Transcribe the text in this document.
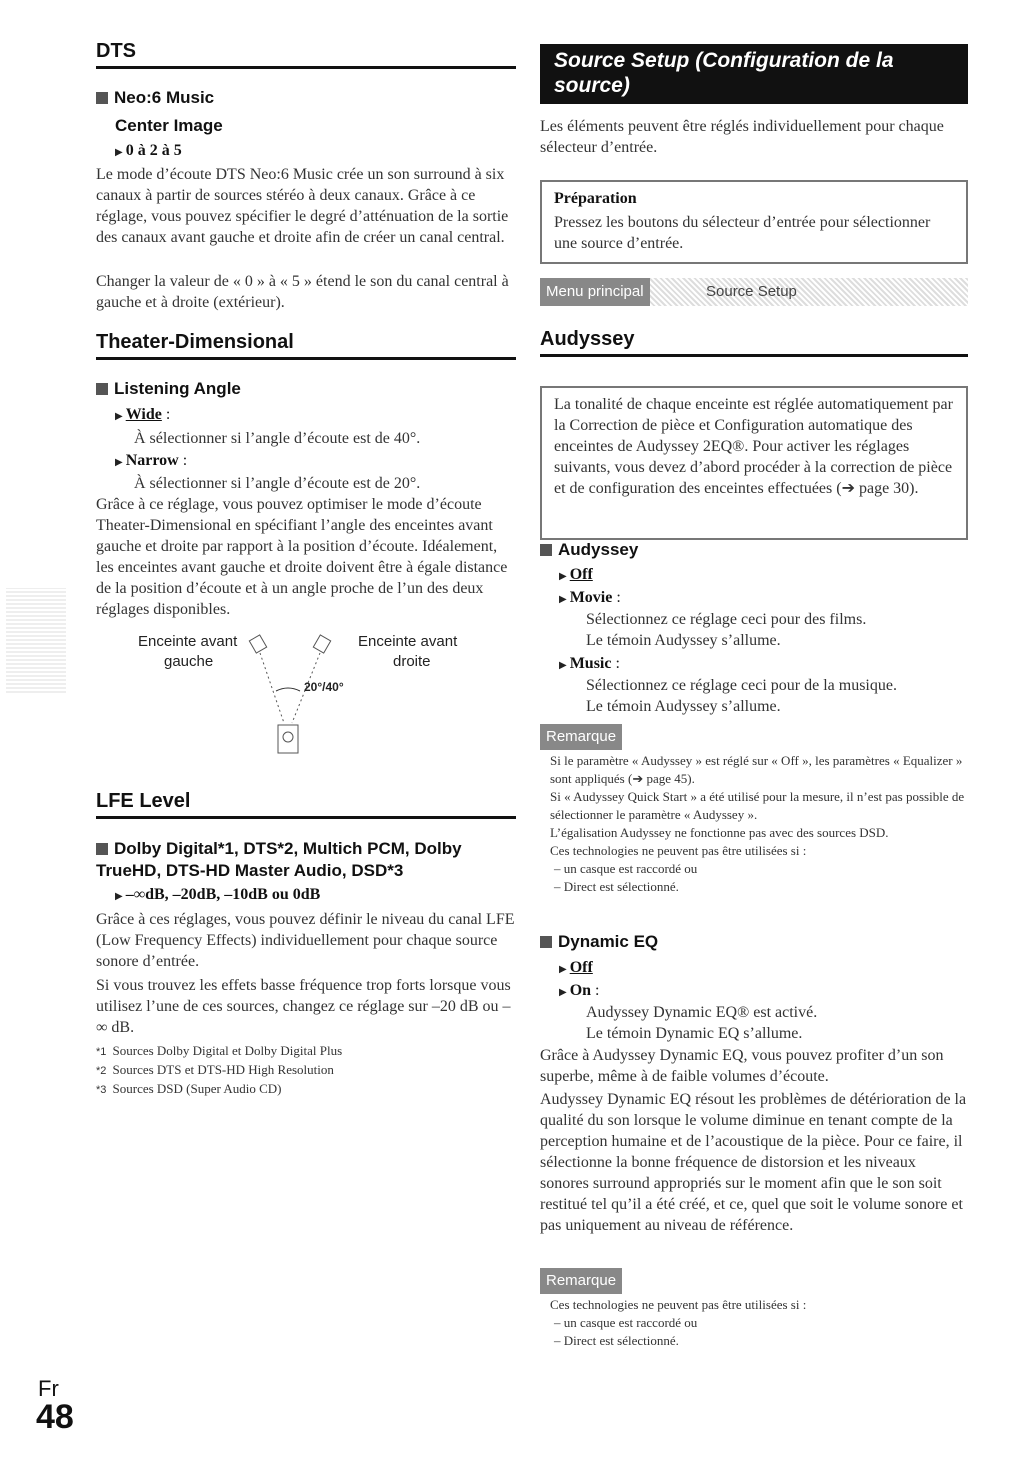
DTS
Neo:6 Music
Center Image
▶ 0 à 2 à 5
Le mode d’écoute DTS Neo:6 Music crée un son surround à six canaux à partir de sources stéréo à deux canaux. Grâce à ce réglage, vous pouvez spécifier le degré d’atténuation de la sortie des canaux avant gauche et droite afin de créer un canal central.
Changer la valeur de « 0 » à « 5 » étend le son du canal central à gauche et à droite (extérieur).
Theater-Dimensional
Listening Angle
▶ Wide :
À sélectionner si l’angle d’écoute est de 40°.
▶ Narrow :
À sélectionner si l’angle d’écoute est de 20°.
Grâce à ce réglage, vous pouvez optimiser le mode d’écoute Theater-Dimensional en spécifiant l’angle des enceintes avant gauche et droite par rapport à la position d’écoute. Idéalement, les enceintes avant gauche et droite doivent être à égale distance de la position d’écoute et à un angle proche de l’un des deux réglages disponibles.
Enceinte avant
gauche
Enceinte avant
droite
20°/40°
LFE Level
Dolby Digital*1, DTS*2, Multich PCM, Dolby TrueHD, DTS-HD Master Audio, DSD*3
▶ –∞dB, –20dB, –10dB ou 0dB
Grâce à ces réglages, vous pouvez définir le niveau du canal LFE (Low Frequency Effects) individuellement pour chaque source sonore d’entrée.
Si vous trouvez les effets basse fréquence trop forts lorsque vous utilisez l’une de ces sources, changez ce réglage sur –20 dB ou –∞ dB.
*1  Sources Dolby Digital et Dolby Digital Plus
*2  Sources DTS et DTS-HD High Resolution
*3  Sources DSD (Super Audio CD)
Source Setup (Configuration de la source)
Les éléments peuvent être réglés individuellement pour chaque sélecteur d’entrée.
Préparation
Pressez les boutons du sélecteur d’entrée pour sélectionner une source d’entrée.
Menu principal	Source Setup
Audyssey
La tonalité de chaque enceinte est réglée automatiquement par la Correction de pièce et Configuration automatique des enceintes de Audyssey 2EQ®. Pour activer les réglages suivants, vous devez d’abord procéder à la correction de pièce et de configuration des enceintes effectuées (➔ page 30).
Audyssey
▶ Off
▶ Movie :
Sélectionnez ce réglage ceci pour des films.
Le témoin Audyssey s’allume.
▶ Music :
Sélectionnez ce réglage ceci pour de la musique.
Le témoin Audyssey s’allume.
Remarque
Si le paramètre « Audyssey » est réglé sur « Off », les paramètres « Equalizer » sont appliqués (➔ page 45).
Si « Audyssey Quick Start » a été utilisé pour la mesure, il n’est pas possible de sélectionner le paramètre « Audyssey ».
L’égalisation Audyssey ne fonctionne pas avec des sources DSD.
Ces technologies ne peuvent pas être utilisées si :
– un casque est raccordé ou
– Direct est sélectionné.
Dynamic EQ
▶ Off
▶ On :
Audyssey Dynamic EQ® est activé.
Le témoin Dynamic EQ s’allume.
Grâce à Audyssey Dynamic EQ, vous pouvez profiter d’un son superbe, même à de faible volumes d’écoute.
Audyssey Dynamic EQ résout les problèmes de détérioration de la qualité du son lorsque le volume diminue en tenant compte de la perception humaine et de l’acoustique de la pièce. Pour ce faire, il sélectionne la bonne fréquence de distorsion et les niveaux sonores surround appropriés sur le moment afin que le son soit restitué tel qu’il a été créé, et ce, quel que soit le volume sonore et pas uniquement au niveau de référence.
Remarque
Ces technologies ne peuvent pas être utilisées si :
– un casque est raccordé ou
– Direct est sélectionné.
Fr
48
